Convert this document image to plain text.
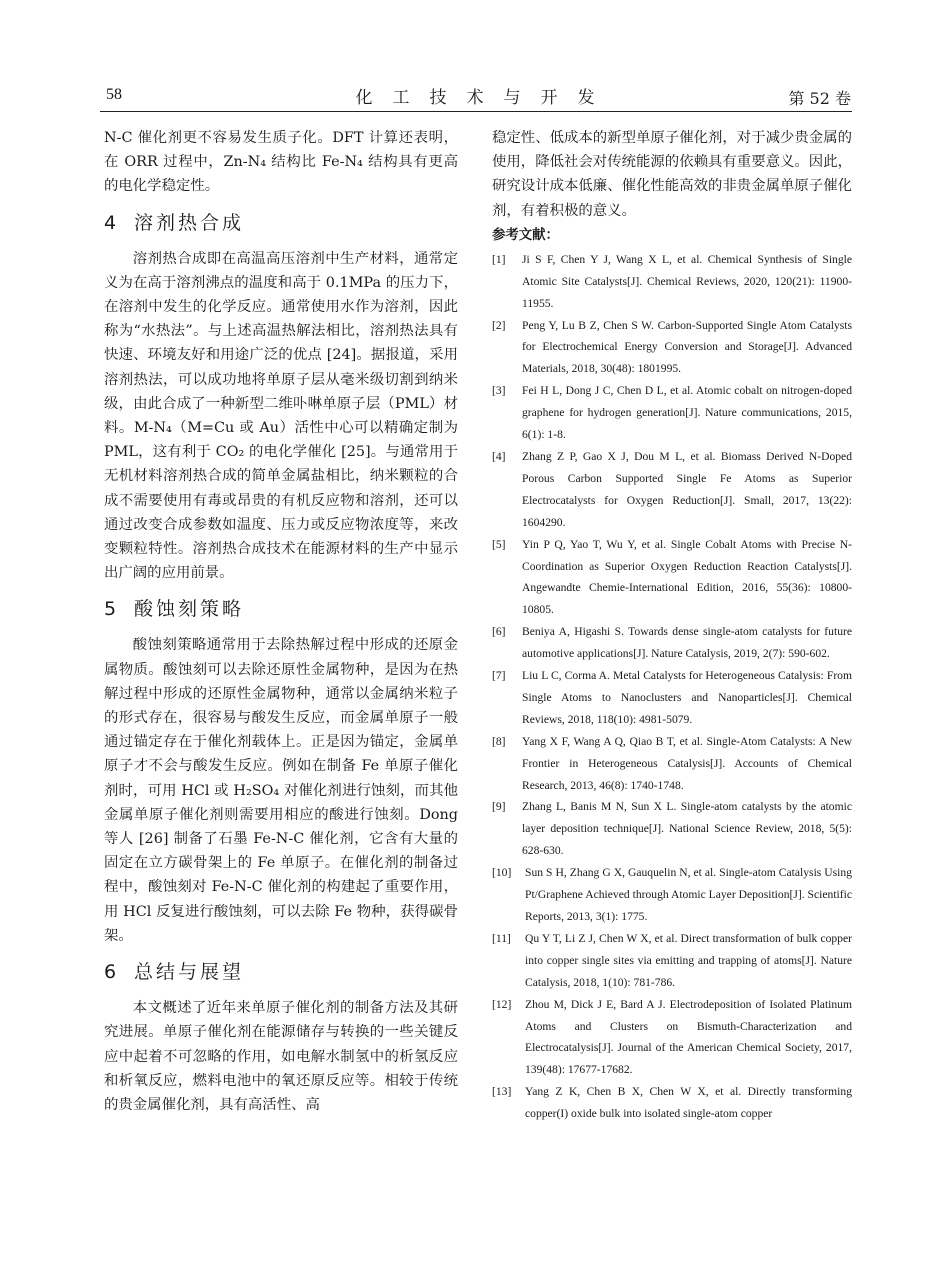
58	化工技术与开发	第 52 卷

N-C 催化剂更不容易发生质子化。DFT 计算还表明，在 ORR 过程中，Zn-N₄ 结构比 Fe-N₄ 结构具有更高的电化学稳定性。

4 溶剂热合成

溶剂热合成即在高温高压溶剂中生产材料，通常定义为在高于溶剂沸点的温度和高于 0.1MPa 的压力下，在溶剂中发生的化学反应。通常使用水作为溶剂，因此称为“水热法”。与上述高温热解法相比，溶剂热法具有快速、环境友好和用途广泛的优点 [24]。据报道，采用溶剂热法，可以成功地将单原子层从毫米级切割到纳米级，由此合成了一种新型二维卟啉单原子层（PML）材料。M-N₄（M=Cu 或 Au）活性中心可以精确定制为 PML，这有利于 CO₂ 的电化学催化 [25]。与通常用于无机材料溶剂热合成的简单金属盐相比，纳米颗粒的合成不需要使用有毒或昂贵的有机反应物和溶剂，还可以通过改变合成参数如温度、压力或反应物浓度等，来改变颗粒特性。溶剂热合成技术在能源材料的生产中显示出广阔的应用前景。

5 酸蚀刻策略

酸蚀刻策略通常用于去除热解过程中形成的还原金属物质。酸蚀刻可以去除还原性金属物种，是因为在热解过程中形成的还原性金属物种，通常以金属纳米粒子的形式存在，很容易与酸发生反应，而金属单原子一般通过锚定存在于催化剂载体上。正是因为锚定，金属单原子才不会与酸发生反应。例如在制备 Fe 单原子催化剂时，可用 HCl 或 H₂SO₄ 对催化剂进行蚀刻，而其他金属单原子催化剂则需要用相应的酸进行蚀刻。Dong 等人 [26] 制备了石墨 Fe-N-C 催化剂，它含有大量的固定在立方碳骨架上的 Fe 单原子。在催化剂的制备过程中，酸蚀刻对 Fe-N-C 催化剂的构建起了重要作用，用 HCl 反复进行酸蚀刻，可以去除 Fe 物种，获得碳骨架。

6 总结与展望

本文概述了近年来单原子催化剂的制备方法及其研究进展。单原子催化剂在能源储存与转换的一些关键反应中起着不可忽略的作用，如电解水制氢中的析氢反应和析氧反应，燃料电池中的氧还原反应等。相较于传统的贵金属催化剂，具有高活性、高

稳定性、低成本的新型单原子催化剂，对于减少贵金属的使用，降低社会对传统能源的依赖具有重要意义。因此，研究设计成本低廉、催化性能高效的非贵金属单原子催化剂，有着积极的意义。

参考文献：
[1] Ji S F, Chen Y J, Wang X L, et al. Chemical Synthesis of Single Atomic Site Catalysts[J]. Chemical Reviews, 2020, 120(21): 11900-11955.
[2] Peng Y, Lu B Z, Chen S W. Carbon-Supported Single Atom Catalysts for Electrochemical Energy Conversion and Storage[J]. Advanced Materials, 2018, 30(48): 1801995.
[3] Fei H L, Dong J C, Chen D L, et al. Atomic cobalt on nitrogen-doped graphene for hydrogen generation[J]. Nature communications, 2015, 6(1): 1-8.
[4] Zhang Z P, Gao X J, Dou M L, et al. Biomass Derived N-Doped Porous Carbon Supported Single Fe Atoms as Superior Electrocatalysts for Oxygen Reduction[J]. Small, 2017, 13(22): 1604290.
[5] Yin P Q, Yao T, Wu Y, et al. Single Cobalt Atoms with Precise N-Coordination as Superior Oxygen Reduction Reaction Catalysts[J]. Angewandte Chemie-International Edition, 2016, 55(36): 10800-10805.
[6] Beniya A, Higashi S. Towards dense single-atom catalysts for future automotive applications[J]. Nature Catalysis, 2019, 2(7): 590-602.
[7] Liu L C, Corma A. Metal Catalysts for Heterogeneous Catalysis: From Single Atoms to Nanoclusters and Nanoparticles[J]. Chemical Reviews, 2018, 118(10): 4981-5079.
[8] Yang X F, Wang A Q, Qiao B T, et al. Single-Atom Catalysts: A New Frontier in Heterogeneous Catalysis[J]. Accounts of Chemical Research, 2013, 46(8): 1740-1748.
[9] Zhang L, Banis M N, Sun X L. Single-atom catalysts by the atomic layer deposition technique[J]. National Science Review, 2018, 5(5): 628-630.
[10] Sun S H, Zhang G X, Gauquelin N, et al. Single-atom Catalysis Using Pt/Graphene Achieved through Atomic Layer Deposition[J]. Scientific Reports, 2013, 3(1): 1775.
[11] Qu Y T, Li Z J, Chen W X, et al. Direct transformation of bulk copper into copper single sites via emitting and trapping of atoms[J]. Nature Catalysis, 2018, 1(10): 781-786.
[12] Zhou M, Dick J E, Bard A J. Electrodeposition of Isolated Platinum Atoms and Clusters on Bismuth-Characterization and Electrocatalysis[J]. Journal of the American Chemical Society, 2017, 139(48): 17677-17682.
[13] Yang Z K, Chen B X, Chen W X, et al. Directly transforming copper(I) oxide bulk into isolated single-atom copper
